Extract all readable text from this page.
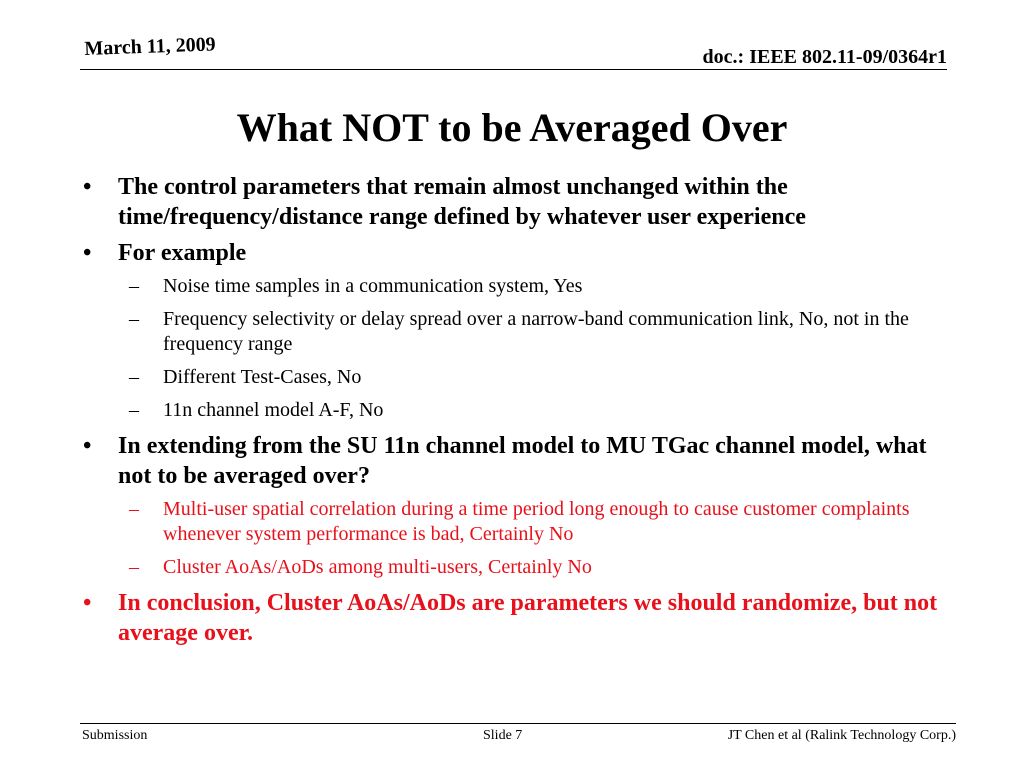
March 11, 2009	doc.: IEEE 802.11-09/0364r1
What NOT to be Averaged Over
• The control parameters that remain almost unchanged within the time/frequency/distance range defined by whatever user experience
• For example
– Noise time samples in a communication system, Yes
– Frequency selectivity or delay spread over a narrow-band communication link, No, not in the frequency range
– Different Test-Cases, No
– 11n channel model A-F, No
• In extending from the SU 11n channel model to MU TGac channel model, what not to be averaged over?
– Multi-user spatial correlation during a time period long enough to cause customer complaints whenever system performance is bad, Certainly No
– Cluster AoAs/AoDs among multi-users, Certainly No
• In conclusion, Cluster AoAs/AoDs are parameters we should randomize, but not average over.
Submission	Slide 7	JT Chen et al (Ralink Technology Corp.)
